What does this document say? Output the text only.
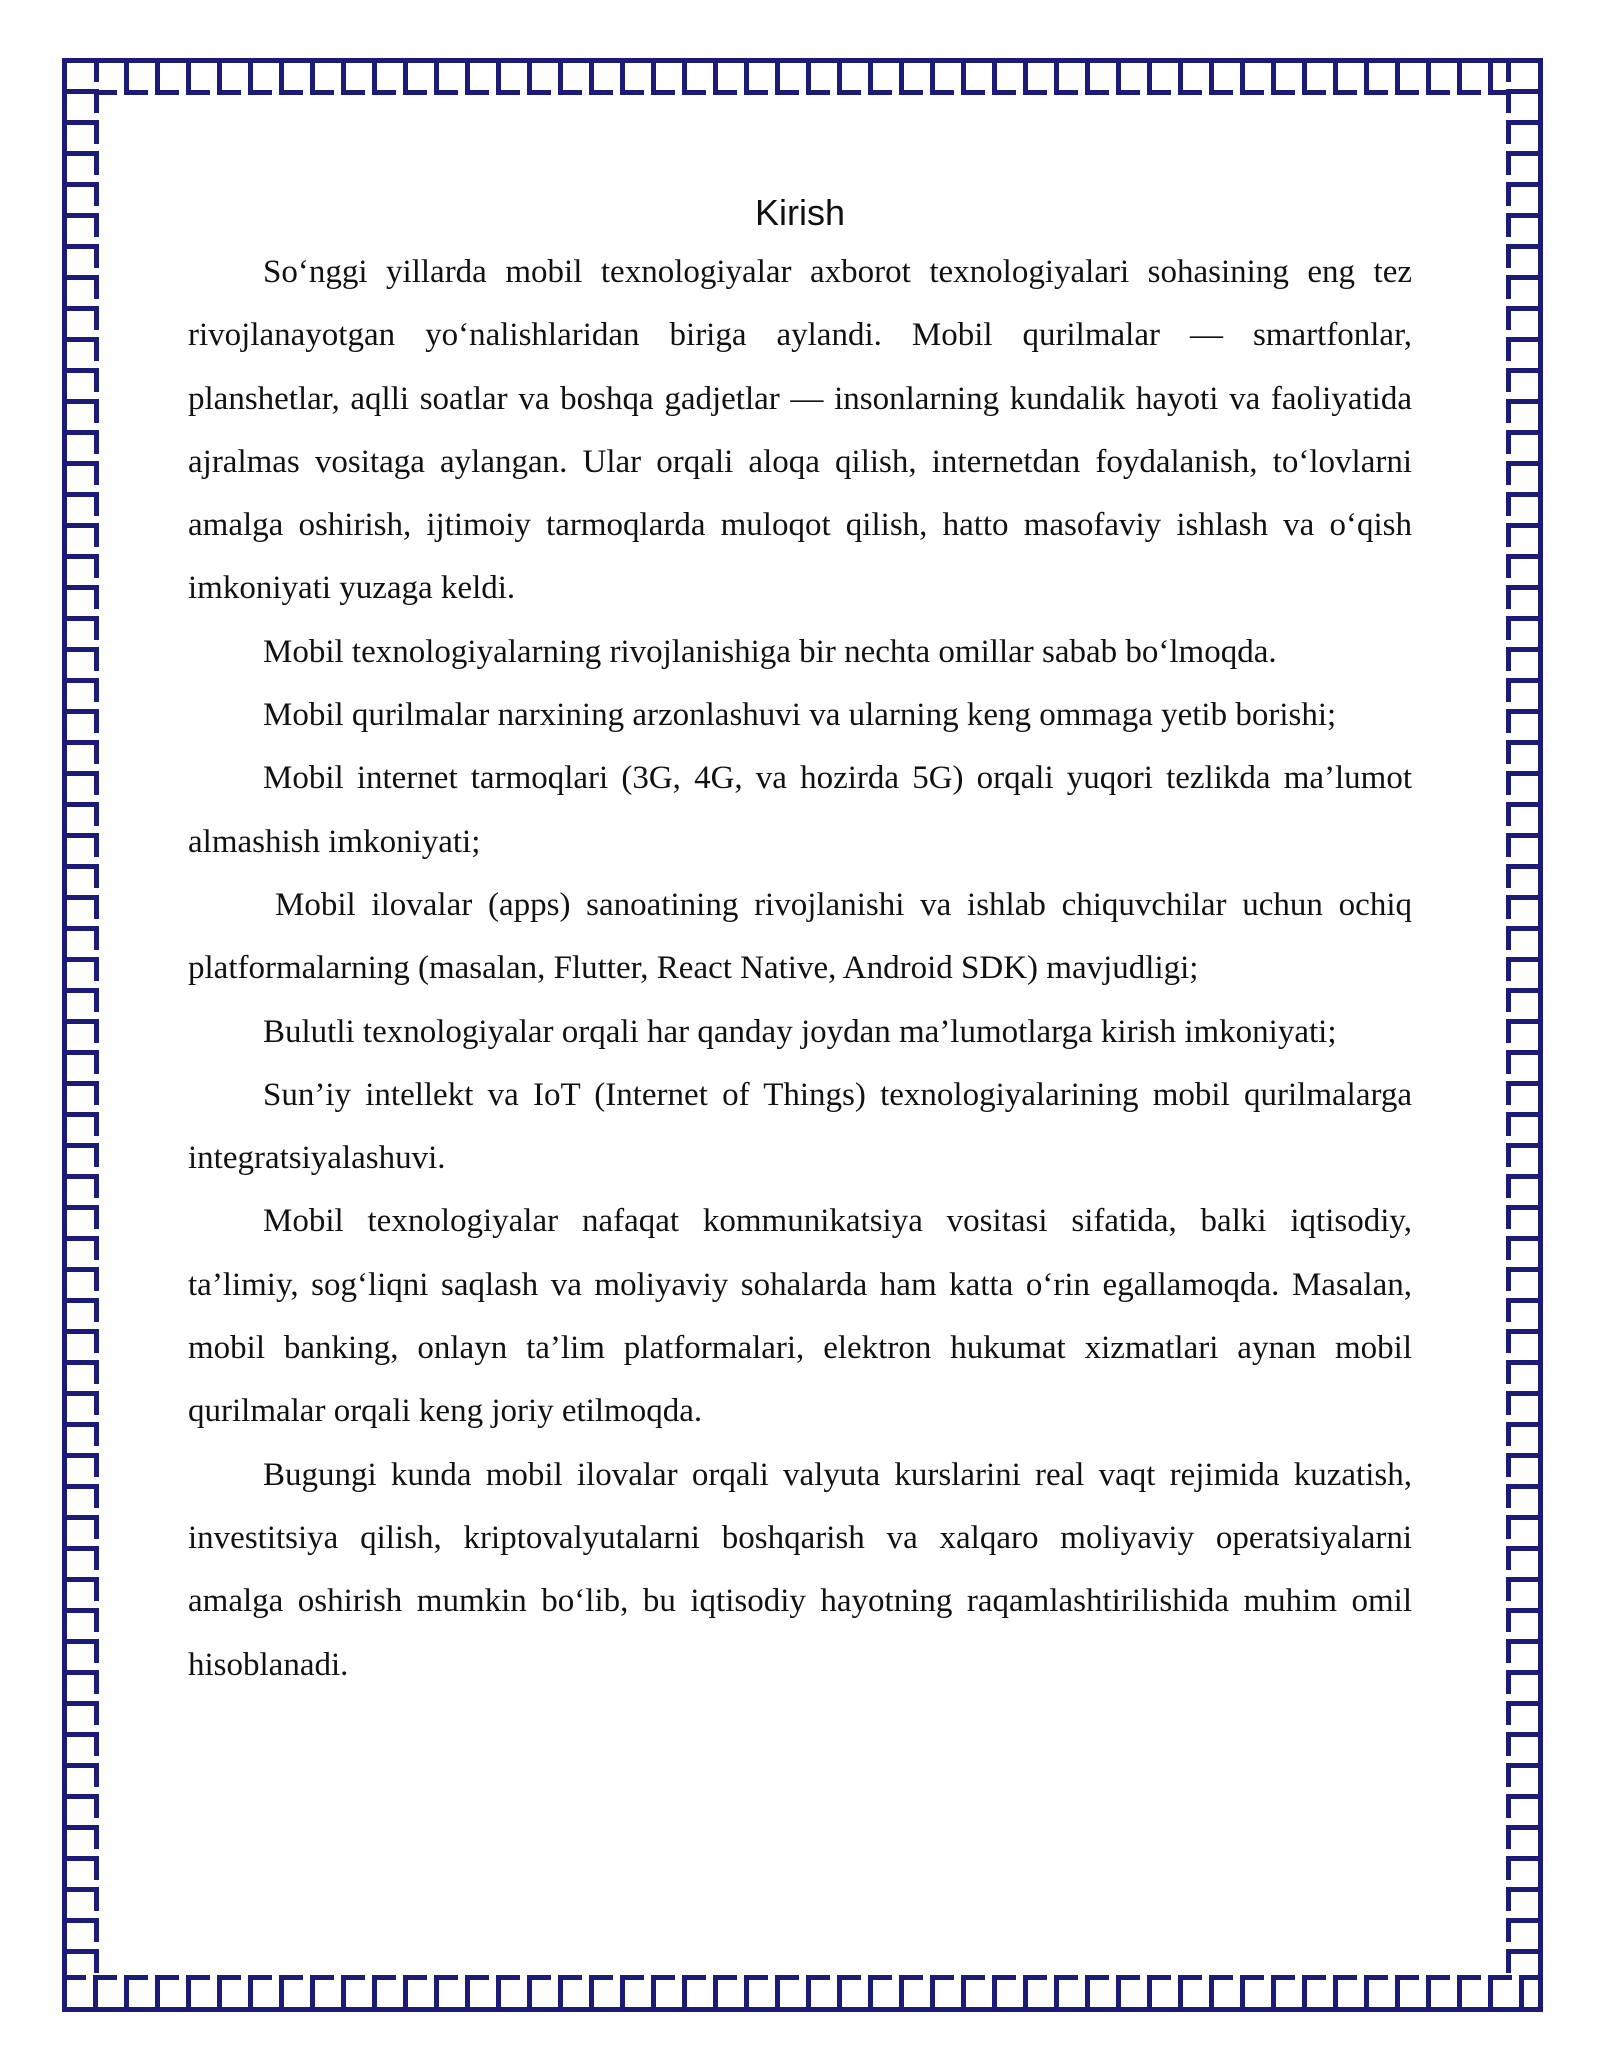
Kirish

So‘nggi yillarda mobil texnologiyalar axborot texnologiyalari sohasining eng tez rivojlanayotgan yo‘nalishlaridan biriga aylandi. Mobil qurilmalar — smartfonlar, planshetlar, aqlli soatlar va boshqa gadjetlar — insonlarning kundalik hayoti va faoliyatida ajralmas vositaga aylangan. Ular orqali aloqa qilish, internetdan foydalanish, to‘lovlarni amalga oshirish, ijtimoiy tarmoqlarda muloqot qilish, hatto masofaviy ishlash va o‘qish imkoniyati yuzaga keldi.

Mobil texnologiyalarning rivojlanishiga bir nechta omillar sabab bo‘lmoqda.

Mobil qurilmalar narxining arzonlashuvi va ularning keng ommaga yetib borishi;

Mobil internet tarmoqlari (3G, 4G, va hozirda 5G) orqali yuqori tezlikda ma’lumot almashish imkoniyati;

Mobil ilovalar (apps) sanoatining rivojlanishi va ishlab chiquvchilar uchun ochiq platformalarning (masalan, Flutter, React Native, Android SDK) mavjudligi;

Bulutli texnologiyalar orqali har qanday joydan ma’lumotlarga kirish imkoniyati;

Sun’iy intellekt va IoT (Internet of Things) texnologiyalarining mobil qurilmalarga integratsiyalashuvi.

Mobil texnologiyalar nafaqat kommunikatsiya vositasi sifatida, balki iqtisodiy, ta’limiy, sog‘liqni saqlash va moliyaviy sohalarda ham katta o‘rin egallamoqda. Masalan, mobil banking, onlayn ta’lim platformalari, elektron hukumat xizmatlari aynan mobil qurilmalar orqali keng joriy etilmoqda.

Bugungi kunda mobil ilovalar orqali valyuta kurslarini real vaqt rejimida kuzatish, investitsiya qilish, kriptovalyutalarni boshqarish va xalqaro moliyaviy operatsiyalarni amalga oshirish mumkin bo‘lib, bu iqtisodiy hayotning raqamlashtirilishida muhim omil hisoblanadi.
